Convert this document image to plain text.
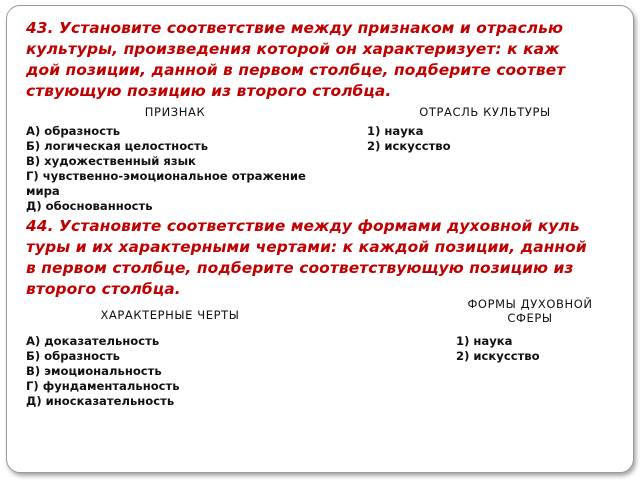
43. Установите соответствие между признаком и отраслью
культуры, произведения которой он характеризует: к каж
дой позиции, данной в первом столбце, подберите соответ
ствующую позицию из второго столбца.
ПРИЗНАК	ОТРАСЛЬ КУЛЬТУРЫ
А) образность
Б) логическая целостность
В) художественный язык
Г) чувственно-эмоциональное отражение
мира
Д) обоснованность
1) наука
2) искусство
44. Установите соответствие между формами духовной куль
туры и их характерными чертами: к каждой позиции, данной
в первом столбце, подберите соответствующую позицию из
второго столбца.
ХАРАКТЕРНЫЕ ЧЕРТЫ
ФОРМЫ ДУХОВНОЙ
СФЕРЫ
А) доказательность
Б) образность
В) эмоциональность
Г) фундаментальность
Д) иносказательность
1) наука
2) искусство
